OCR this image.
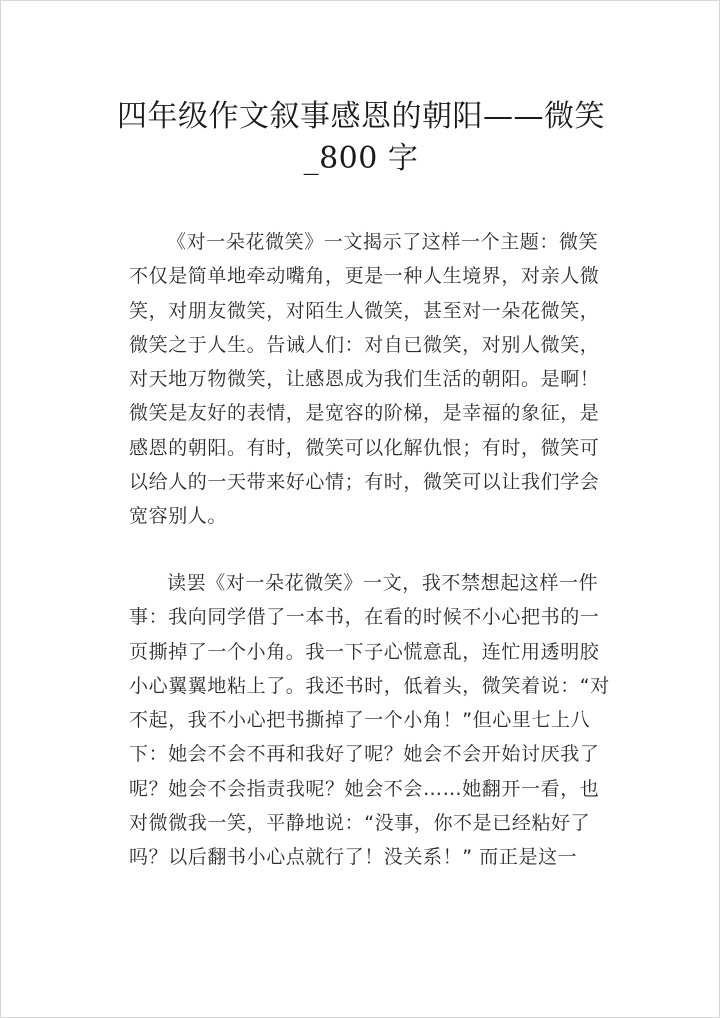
四年级作文叙事感恩的朝阳——微笑
_800 字
《对一朵花微笑》一文揭示了这样一个主题：微笑
不仅是简单地牵动嘴角，更是一种人生境界，对亲人微
笑，对朋友微笑，对陌生人微笑，甚至对一朵花微笑，
微笑之于人生。告诫人们：对自已微笑，对别人微笑，
对天地万物微笑，让感恩成为我们生活的朝阳。是啊！
微笑是友好的表情，是宽容的阶梯，是幸福的象征，是
感恩的朝阳。有时，微笑可以化解仇恨；有时，微笑可
以给人的一天带来好心情；有时，微笑可以让我们学会
宽容别人。
读罢《对一朵花微笑》一文，我不禁想起这样一件
事：我向同学借了一本书，在看的时候不小心把书的一
页撕掉了一个小角。我一下子心慌意乱，连忙用透明胶
小心翼翼地粘上了。我还书时，低着头，微笑着说：“对
不起，我不小心把书撕掉了一个小角！”但心里七上八
下：她会不会不再和我好了呢？她会不会开始讨厌我了
呢？她会不会指责我呢？她会不会……她翻开一看，也
对微微我一笑，平静地说：“没事，你不是已经粘好了
吗？以后翻书小心点就行了！没关系！” 而正是这一
